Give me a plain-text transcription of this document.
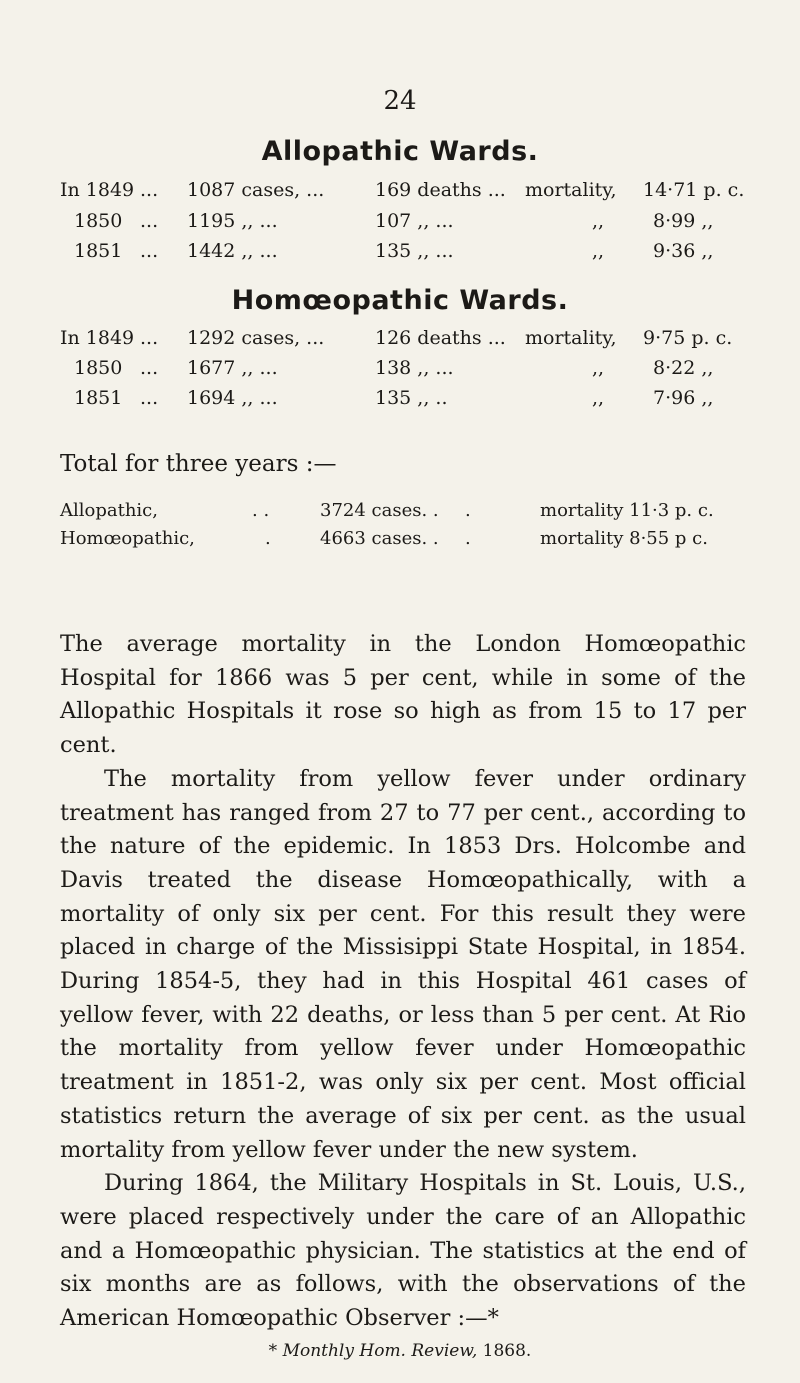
24
Allopathic Wards.
In 1849 ... 1087 cases, ...	169 deaths ... mortality, 14·71 p. c.
1850 ... 1195 ,, ...	107 ,, ...	,,	8·99 ,,
1851 ... 1442 ,, ...	135 ,, ...	,,	9·36 ,,
Homœopathic Wards.
In 1849 ... 1292 cases, ...	126 deaths ... mortality, 9·75 p. c.
1850 ... 1677 ,, ...	138 ,, ...	,,	8·22 ,,
1851 ... 1694 ,, ...	135 ,, ..	,,	7·96 ,,
Total for three years :—
Allopathic,	. .	3724 cases. . .	mortality 11·3 p. c.
Homœopathic,	.	4663 cases. . .	mortality 8·55 p c.

The average mortality in the London Homœopathic Hospital for 1866 was 5 per cent, while in some of the Allopathic Hospitals it rose so high as from 15 to 17 per cent.

The mortality from yellow fever under ordinary treatment has ranged from 27 to 77 per cent., according to the nature of the epidemic. In 1853 Drs. Holcombe and Davis treated the disease Homœopathically, with a mortality of only six per cent. For this result they were placed in charge of the Missisippi State Hospital, in 1854. During 1854-5, they had in this Hospital 461 cases of yellow fever, with 22 deaths, or less than 5 per cent. At Rio the mortality from yellow fever under Homœopathic treatment in 1851-2, was only six per cent. Most official statistics return the average of six per cent. as the usual mortality from yellow fever under the new system.

During 1864, the Military Hospitals in St. Louis, U.S., were placed respectively under the care of an Allopathic and a Homœopathic physician. The statistics at the end of six months are as follows, with the observations of the American Homœopathic Observer :—*

* Monthly Hom. Review, 1868.
